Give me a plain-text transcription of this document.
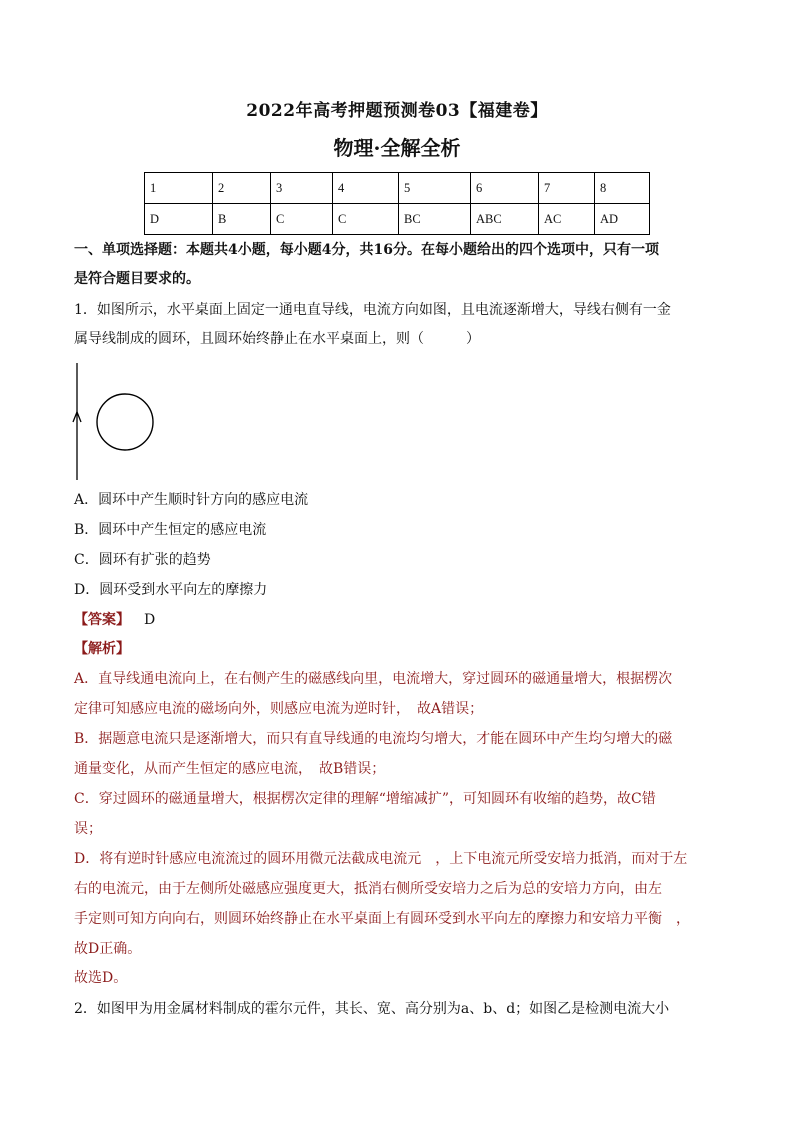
2022年高考押题预测卷03【福建卷】
物理·全解全析
1	2	3	4	5	6	7	8
D	B	C	C	BC	ABC	AC	AD
一、单项选择题：本题共4小题，每小题4分，共16分。在每小题给出的四个选项中，只有一项
是符合题目要求的。
1．如图所示，水平桌面上固定一通电直导线，电流方向如图，且电流逐渐增大，导线右侧有一金
属导线制成的圆环，且圆环始终静止在水平桌面上，则（　　　）
A．圆环中产生顺时针方向的感应电流
B．圆环中产生恒定的感应电流
C．圆环有扩张的趋势
D．圆环受到水平向左的摩擦力
【答案】 D
【解析】
A．直导线通电流向上，在右侧产生的磁感线向里，电流增大，穿过圆环的磁通量增大，根据楞次
定律可知感应电流的磁场向外，则感应电流为逆时针，　故A错误；
B．据题意电流只是逐渐增大，而只有直导线通的电流均匀增大，才能在圆环中产生均匀增大的磁
通量变化，从而产生恒定的感应电流，　故B错误；
C．穿过圆环的磁通量增大，根据楞次定律的理解“增缩减扩”，可知圆环有收缩的趋势，故C错
误；
D．将有逆时针感应电流流过的圆环用微元法截成电流元　，上下电流元所受安培力抵消，而对于左
右的电流元，由于左侧所处磁感应强度更大，抵消右侧所受安培力之后为总的安培力方向，由左
手定则可知方向向右，则圆环始终静止在水平桌面上有圆环受到水平向左的摩擦力和安培力平衡　，
故D正确。
故选D。
2．如图甲为用金属材料制成的霍尔元件，其长、宽、高分别为a、b、d；如图乙是检测电流大小
